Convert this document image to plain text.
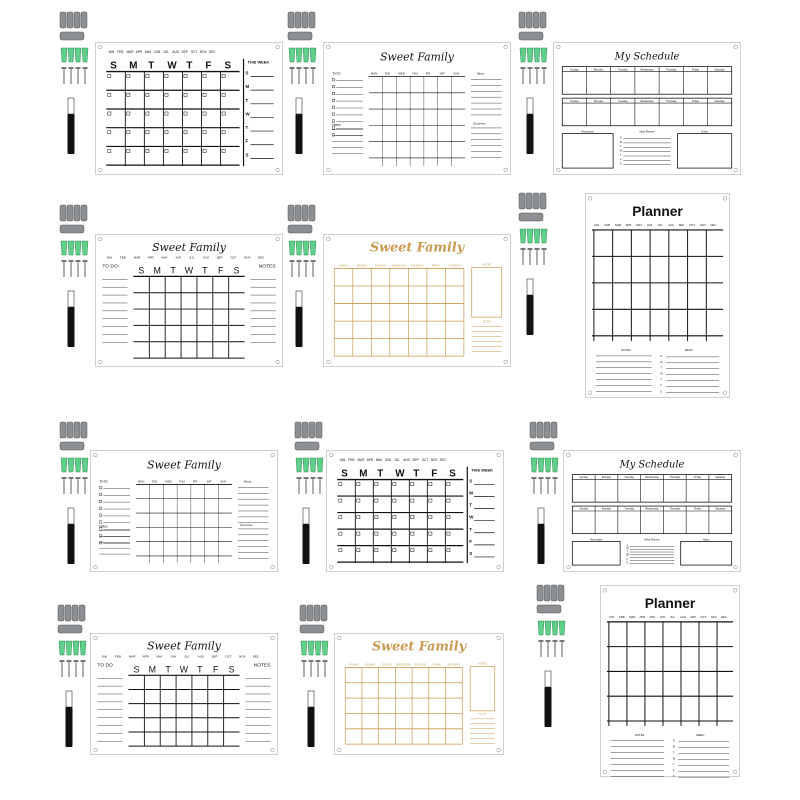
JAN FEB MAR APR MAY JUN JUL AUG SEP OCT NOV DEC
S M T W T F S	THIS WEEK
S
M
T
W
T
F
S
Sweet Family
To Do
Notes
MON	TUE	WED	THU	FRI	SAT	SUN	Menu
Groceries
My Schedule
Sunday	Monday	Tuesday	Wednesday	Thursday	Friday	Saturday
Sunday	Monday	Tuesday	Wednesday	Thursday	Friday	Saturday
Reminders	Meal Planner
S
M
T
W
T
F
S
Notes
Sweet Family
JAN	FEB	MAR APR	MAY	JUN	JUL	AUG SEP	OCT	NOV DEC
TO DO	NOTES
S M T W T F S
Sweet Family
SUNDAY	MONDAY	TUESDAY WEDNESDAY THURSDAY	FRIDAY	SATURDAY	NOTES
TO DO
Planner
JAN FEB MAR APR MAY JUN JUL AUG SEP OCT NOV DEC
NOTES	MENU
S
M
T
W
T
F
S
Sweet Family
To Do
Notes
MON	TUE	WED	THU	FRI	SAT	SUN	Menu
Groceries
JAN FEB MAR APR MAY JUN JUL AUG SEP OCT NOV DEC
S M T W T F S	THIS WEEK
S
M
T
W
T
F
S
My Schedule
Sunday	Monday	Tuesday	Wednesday	Thursday	Friday	Saturday
Sunday	Monday	Tuesday	Wednesday	Thursday	Friday	Saturday
Reminders	Meal Planner
S
M
T
W
T
F
S
Notes
Sweet Family
JAN	FEB	MAR APR	MAY	JUN	JUL	AUG SEP	OCT	NOV DEC
TO DO	NOTES
S M T W T F S
Sweet Family
SUNDAY	MONDAY	TUESDAY WEDNESDAY THURSDAY	FRIDAY	SATURDAY	NOTES
TO DO
Planner
JAN FEB MAR APR MAY JUN JUL AUG SEP OCT NOV DEC
NOTES	MENU
S
M
T
W
T
F
S
